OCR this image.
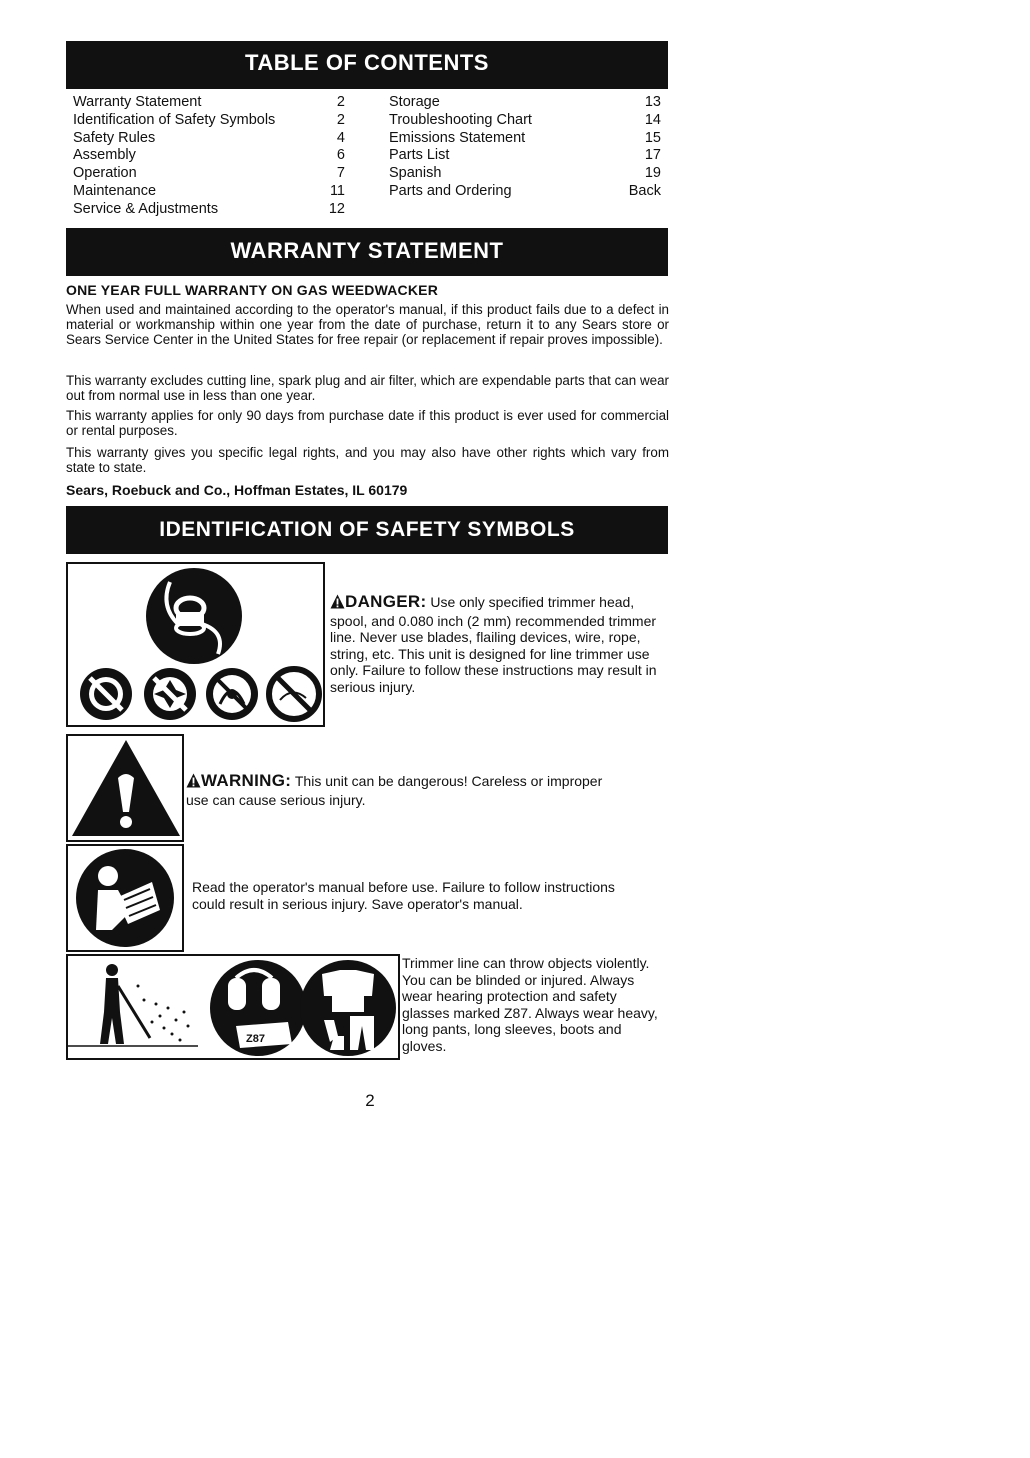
TABLE OF CONTENTS
Warranty Statement	2
Identification of Safety Symbols	2
Safety Rules	4
Assembly	6
Operation	7
Maintenance	11
Service & Adjustments	12
Storage	13
Troubleshooting Chart	14
Emissions Statement	15
Parts List	17
Spanish	19
Parts and Ordering	Back
WARRANTY STATEMENT
ONE YEAR FULL WARRANTY ON GAS WEEDWACKER
When used and maintained according to the operator's manual, if this product fails due to a defect in material or workmanship within one year from the date of purchase, return it to any Sears store or Sears Service Center in the United States for free repair (or replacement if repair proves impossible).
This warranty excludes cutting line, spark plug and air filter, which are expendable parts that can wear out from normal use in less than one year.
This warranty applies for only 90 days from purchase date if this product is ever used for commercial or rental purposes.
This warranty gives you specific legal rights, and you may also have other rights which vary from state to state.
Sears, Roebuck and Co., Hoffman Estates, IL 60179
IDENTIFICATION OF SAFETY SYMBOLS
DANGER: Use only specified trimmer head, spool, and 0.080 inch (2 mm) recommended trimmer line. Never use blades, flailing devices, wire, rope, string, etc. This unit is designed for line trimmer use only. Failure to follow these instructions may result in serious injury.
WARNING: This unit can be dangerous! Careless or improper use can cause serious injury.
Read the operator's manual before use. Failure to follow instructions could result in serious injury. Save operator's manual.
Z87
Trimmer line can throw objects violently. You can be blinded or injured. Always wear hearing protection and safety glasses marked Z87. Always wear heavy, long pants, long sleeves, boots and gloves.
2
